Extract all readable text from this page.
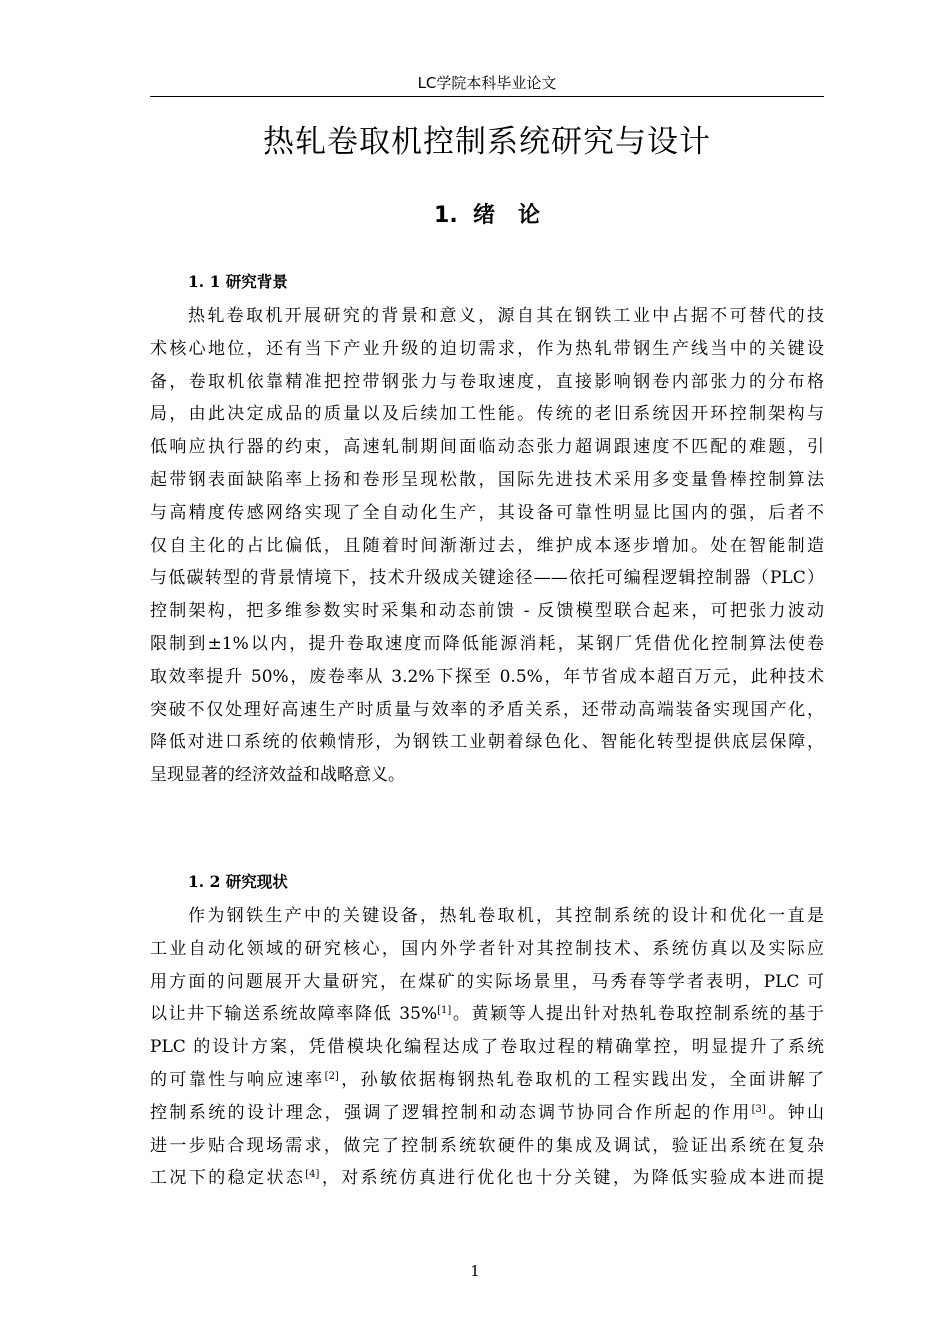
LC学院本科毕业论文
热轧卷取机控制系统研究与设计
1.  绪   论
1. 1 研究背景
热轧卷取机开展研究的背景和意义，源自其在钢铁工业中占据不可替代的技
术核心地位，还有当下产业升级的迫切需求，作为热轧带钢生产线当中的关键设
备，卷取机依靠精准把控带钢张力与卷取速度，直接影响钢卷内部张力的分布格
局，由此决定成品的质量以及后续加工性能。传统的老旧系统因开环控制架构与
低响应执行器的约束，高速轧制期间面临动态张力超调跟速度不匹配的难题，引
起带钢表面缺陷率上扬和卷形呈现松散，国际先进技术采用多变量鲁棒控制算法
与高精度传感网络实现了全自动化生产，其设备可靠性明显比国内的强，后者不
仅自主化的占比偏低，且随着时间渐渐过去，维护成本逐步增加。处在智能制造
与低碳转型的背景情境下，技术升级成关键途径——依托可编程逻辑控制器（PLC）
控制架构，把多维参数实时采集和动态前馈 - 反馈模型联合起来，可把张力波动
限制到±1%以内，提升卷取速度而降低能源消耗，某钢厂凭借优化控制算法使卷
取效率提升 50%，废卷率从 3.2%下探至 0.5%，年节省成本超百万元，此种技术
突破不仅处理好高速生产时质量与效率的矛盾关系，还带动高端装备实现国产化，
降低对进口系统的依赖情形，为钢铁工业朝着绿色化、智能化转型提供底层保障，
呈现显著的经济效益和战略意义。
1. 2 研究现状
作为钢铁生产中的关键设备，热轧卷取机，其控制系统的设计和优化一直是
工业自动化领域的研究核心，国内外学者针对其控制技术、系统仿真以及实际应
用方面的问题展开大量研究，在煤矿的实际场景里，马秀春等学者表明，PLC 可
以让井下输送系统故障率降低 35%[1]。黄颖等人提出针对热轧卷取控制系统的基于
PLC 的设计方案，凭借模块化编程达成了卷取过程的精确掌控，明显提升了系统
的可靠性与响应速率[2]，孙敏依据梅钢热轧卷取机的工程实践出发，全面讲解了
控制系统的设计理念，强调了逻辑控制和动态调节协同合作所起的作用[3]。钟山
进一步贴合现场需求，做完了控制系统软硬件的集成及调试，验证出系统在复杂
工况下的稳定状态[4]，对系统仿真进行优化也十分关键，为降低实验成本进而提
1
